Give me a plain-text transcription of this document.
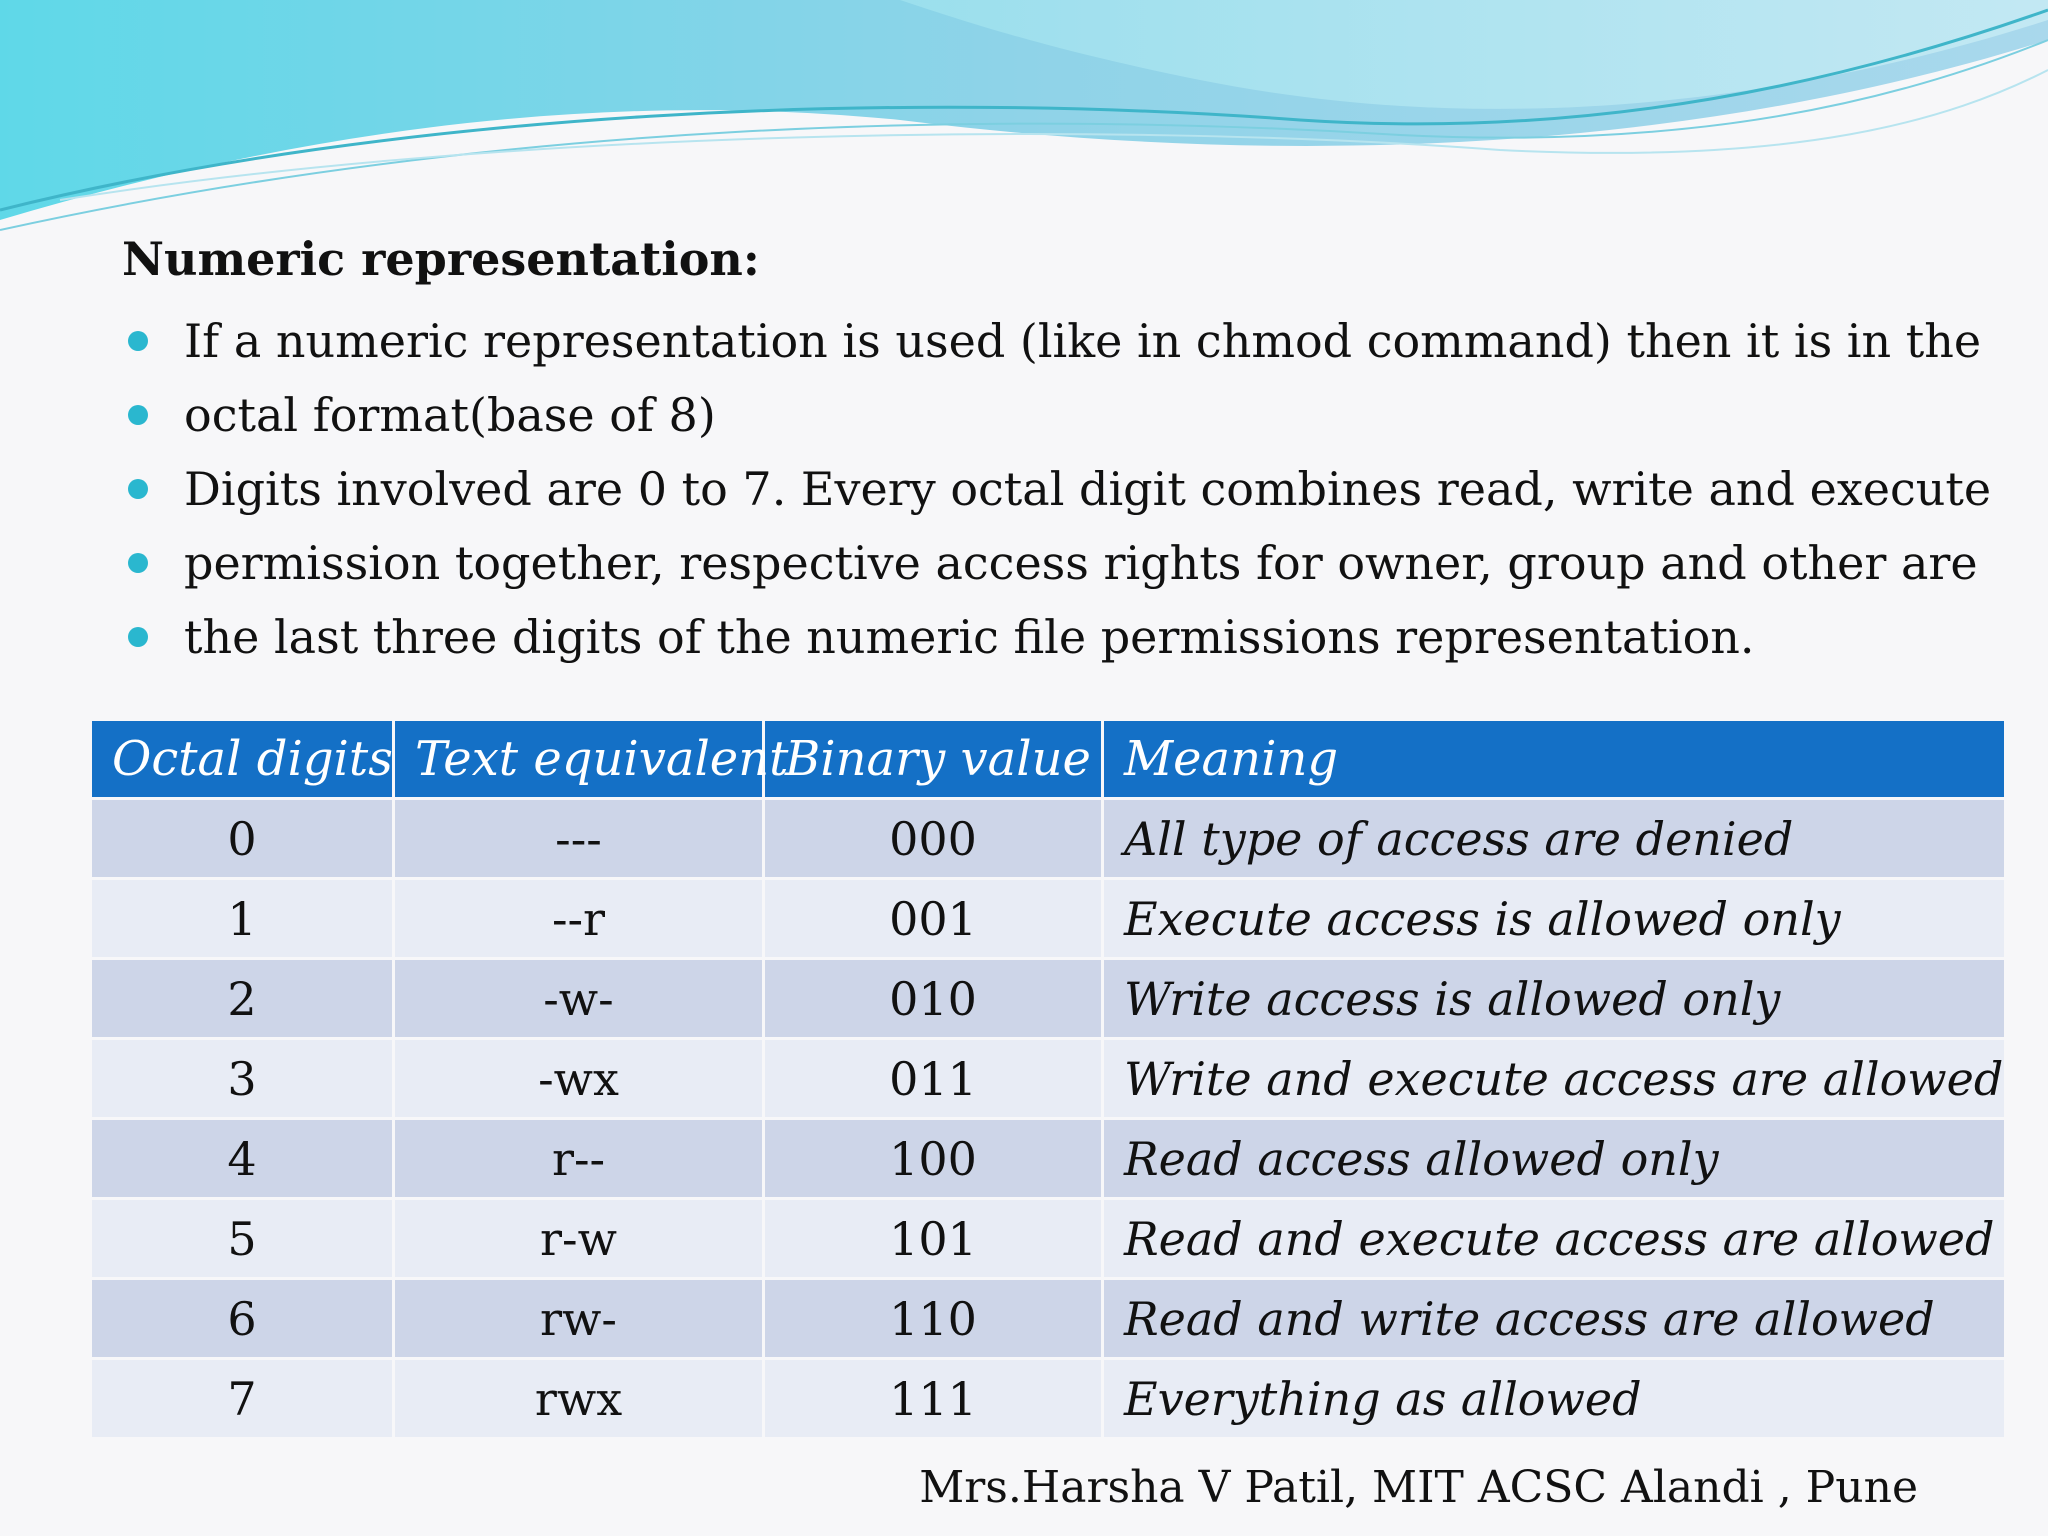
Numeric representation:
If a numeric representation is used (like in chmod command) then it is in the
octal format(base of 8)
Digits involved are 0 to 7. Every octal digit combines read, write and execute
permission together, respective access rights for owner, group and other are
the last three digits of the numeric file permissions representation.
Octal digits	Text equivalent	Binary value	Meaning
0	---	000	All type of access are denied
1	--r	001	Execute access is allowed only
2	-w-	010	Write access is allowed only
3	-wx	011	Write and execute access are allowed
4	r--	100	Read access allowed only
5	r-w	101	Read and execute access are allowed
6	rw-	110	Read and write access are allowed
7	rwx	111	Everything as allowed
Mrs.Harsha V Patil, MIT ACSC Alandi , Pune
